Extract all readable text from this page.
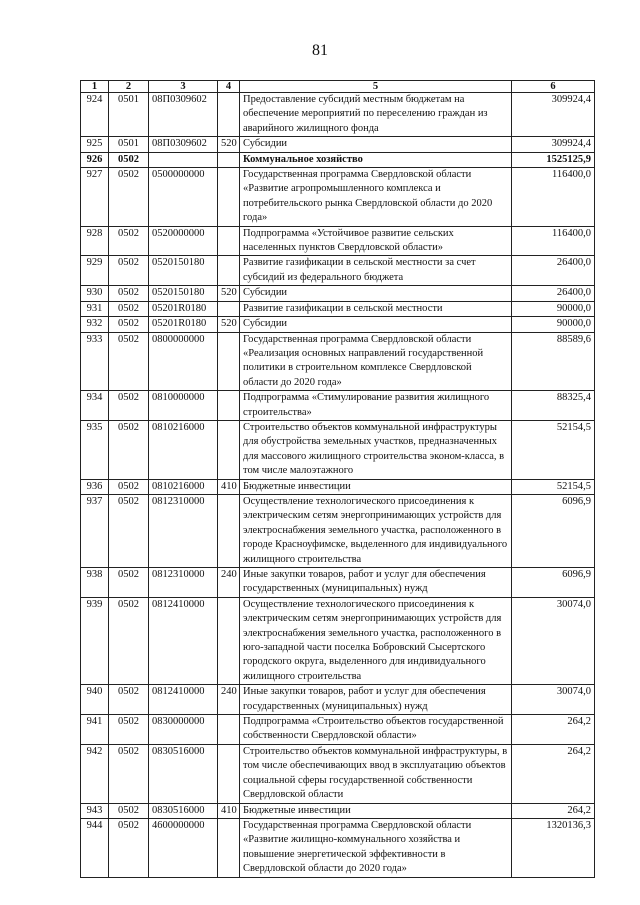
81
1	2	3	4	5	6
924	0501	08П0309602		Предоставление субсидий местным бюджетам на обеспечение мероприятий по переселению граждан из аварийного жилищного фонда	309924,4
925	0501	08П0309602	520	Субсидии	309924,4
926	0502			Коммунальное хозяйство	1525125,9
927	0502	0500000000		Государственная программа Свердловской области «Развитие агропромышленного комплекса и потребительского рынка Свердловской области до 2020 года»	116400,0
928	0502	0520000000		Подпрограмма «Устойчивое развитие сельских населенных пунктов Свердловской области»	116400,0
929	0502	0520150180		Развитие газификации в сельской местности за счет субсидий из федерального бюджета	26400,0
930	0502	0520150180	520	Субсидии	26400,0
931	0502	05201R0180		Развитие газификации в сельской местности	90000,0
932	0502	05201R0180	520	Субсидии	90000,0
933	0502	0800000000		Государственная программа Свердловской области «Реализация основных направлений государственной политики в строительном комплексе Свердловской области до 2020 года»	88589,6
934	0502	0810000000		Подпрограмма «Стимулирование развития жилищного строительства»	88325,4
935	0502	0810216000		Строительство объектов коммунальной инфраструктуры для обустройства земельных участков, предназначенных для массового жилищного строительства эконом-класса, в том числе малоэтажного	52154,5
936	0502	0810216000	410	Бюджетные инвестиции	52154,5
937	0502	0812310000		Осуществление технологического присоединения к электрическим сетям энергопринимающих устройств для электроснабжения земельного участка, расположенного в городе Красноуфимске, выделенного для индивидуального жилищного строительства	6096,9
938	0502	0812310000	240	Иные закупки товаров, работ и услуг для обеспечения государственных (муниципальных) нужд	6096,9
939	0502	0812410000		Осуществление технологического присоединения к электрическим сетям энергопринимающих устройств для электроснабжения земельного участка, расположенного в юго-западной части поселка Бобровский Сысертского городского округа, выделенного для индивидуального жилищного строительства	30074,0
940	0502	0812410000	240	Иные закупки товаров, работ и услуг для обеспечения государственных (муниципальных) нужд	30074,0
941	0502	0830000000		Подпрограмма «Строительство объектов государственной собственности Свердловской области»	264,2
942	0502	0830516000		Строительство объектов коммунальной инфраструктуры, в том числе обеспечивающих ввод в эксплуатацию объектов социальной сферы государственной собственности Свердловской области	264,2
943	0502	0830516000	410	Бюджетные инвестиции	264,2
944	0502	4600000000		Государственная программа Свердловской области «Развитие жилищно-коммунального хозяйства и повышение энергетической эффективности в Свердловской области до 2020 года»	1320136,3
